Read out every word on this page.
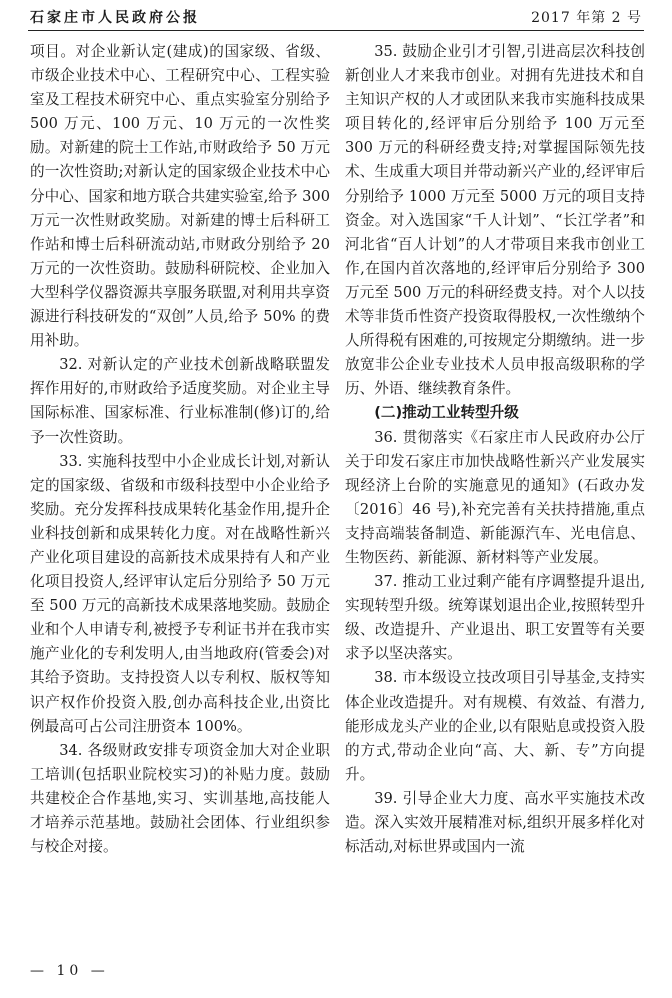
石家庄市人民政府公报	2017 年第 2 号

项目。对企业新认定(建成)的国家级、省级、市级企业技术中心、工程研究中心、工程实验室及工程技术研究中心、重点实验室分别给予 500 万元、100 万元、10 万元的一次性奖励。对新建的院士工作站,市财政给予 50 万元的一次性资助;对新认定的国家级企业技术中心分中心、国家和地方联合共建实验室,给予 300 万元一次性财政奖励。对新建的博士后科研工作站和博士后科研流动站,市财政分别给予 20 万元的一次性资助。鼓励科研院校、企业加入大型科学仪器资源共享服务联盟,对利用共享资源进行科技研发的“双创”人员,给予 50% 的费用补助。

32. 对新认定的产业技术创新战略联盟发挥作用好的,市财政给予适度奖励。对企业主导国际标准、国家标准、行业标准制(修)订的,给予一次性资助。

33. 实施科技型中小企业成长计划,对新认定的国家级、省级和市级科技型中小企业给予奖励。充分发挥科技成果转化基金作用,提升企业科技创新和成果转化力度。对在战略性新兴产业化项目建设的高新技术成果持有人和产业化项目投资人,经评审认定后分别给予 50 万元至 500 万元的高新技术成果落地奖励。鼓励企业和个人申请专利,被授予专利证书并在我市实施产业化的专利发明人,由当地政府(管委会)对其给予资助。支持投资人以专利权、版权等知识产权作价投资入股,创办高科技企业,出资比例最高可占公司注册资本 100%。

34. 各级财政安排专项资金加大对企业职工培训(包括职业院校实习)的补贴力度。鼓励共建校企合作基地,实习、实训基地,高技能人才培养示范基地。鼓励社会团体、行业组织参与校企对接。

35. 鼓励企业引才引智,引进高层次科技创新创业人才来我市创业。对拥有先进技术和自主知识产权的人才或团队来我市实施科技成果项目转化的,经评审后分别给予 100 万元至 300 万元的科研经费支持;对掌握国际领先技术、生成重大项目并带动新兴产业的,经评审后分别给予 1000 万元至 5000 万元的项目支持资金。对入选国家“千人计划”、“长江学者”和河北省“百人计划”的人才带项目来我市创业工作,在国内首次落地的,经评审后分别给予 300 万元至 500 万元的科研经费支持。对个人以技术等非货币性资产投资取得股权,一次性缴纳个人所得税有困难的,可按规定分期缴纳。进一步放宽非公企业专业技术人员申报高级职称的学历、外语、继续教育条件。

(二)推动工业转型升级

36. 贯彻落实《石家庄市人民政府办公厅关于印发石家庄市加快战略性新兴产业发展实现经济上台阶的实施意见的通知》(石政办发〔2016〕46 号),补充完善有关扶持措施,重点支持高端装备制造、新能源汽车、光电信息、生物医药、新能源、新材料等产业发展。

37. 推动工业过剩产能有序调整提升退出,实现转型升级。统筹谋划退出企业,按照转型升级、改造提升、产业退出、职工安置等有关要求予以坚决落实。

38. 市本级设立技改项目引导基金,支持实体企业改造提升。对有规模、有效益、有潜力,能形成龙头产业的企业,以有限贴息或投资入股的方式,带动企业向“高、大、新、专”方向提升。

39. 引导企业大力度、高水平实施技术改造。深入实效开展精准对标,组织开展多样化对标活动,对标世界或国内一流

— 10 —
